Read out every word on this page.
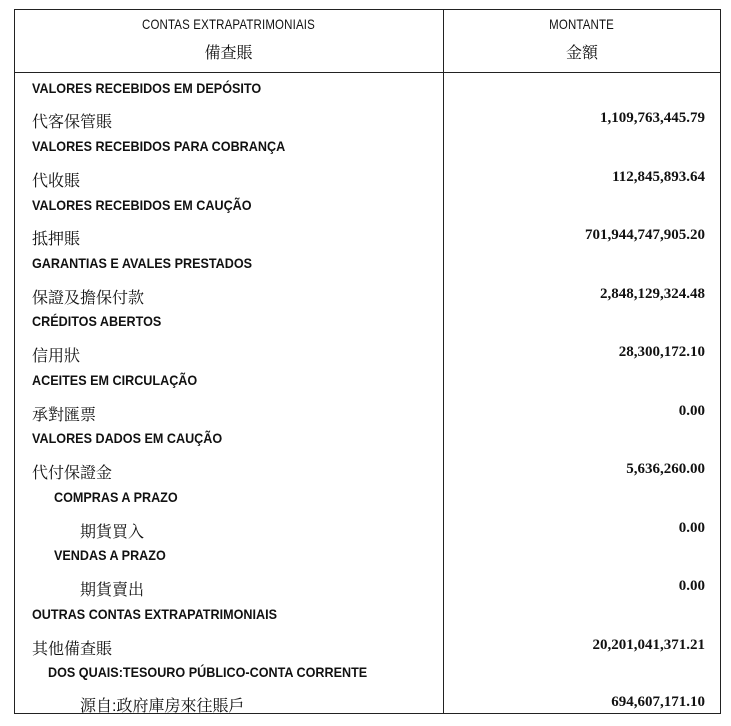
CONTAS EXTRAPATRIMONIAIS
備查賬
MONTANTE
金額
VALORES RECEBIDOS EM DEPÓSITO
代客保管賬	1,109,763,445.79
VALORES RECEBIDOS PARA COBRANÇA
代收賬	112,845,893.64
VALORES RECEBIDOS EM CAUÇÃO
抵押賬	701,944,747,905.20
GARANTIAS E AVALES PRESTADOS
保證及擔保付款	2,848,129,324.48
CRÉDITOS ABERTOS
信用狀	28,300,172.10
ACEITES EM CIRCULAÇÃO
承對匯票	0.00
VALORES DADOS EM CAUÇÃO
代付保證金	5,636,260.00
COMPRAS A PRAZO
期貨買入	0.00
VENDAS A PRAZO
期貨賣出	0.00
OUTRAS CONTAS EXTRAPATRIMONIAIS
其他備查賬	20,201,041,371.21
DOS QUAIS:TESOURO PÚBLICO-CONTA CORRENTE
源自:政府庫房來往賬戶	694,607,171.10
